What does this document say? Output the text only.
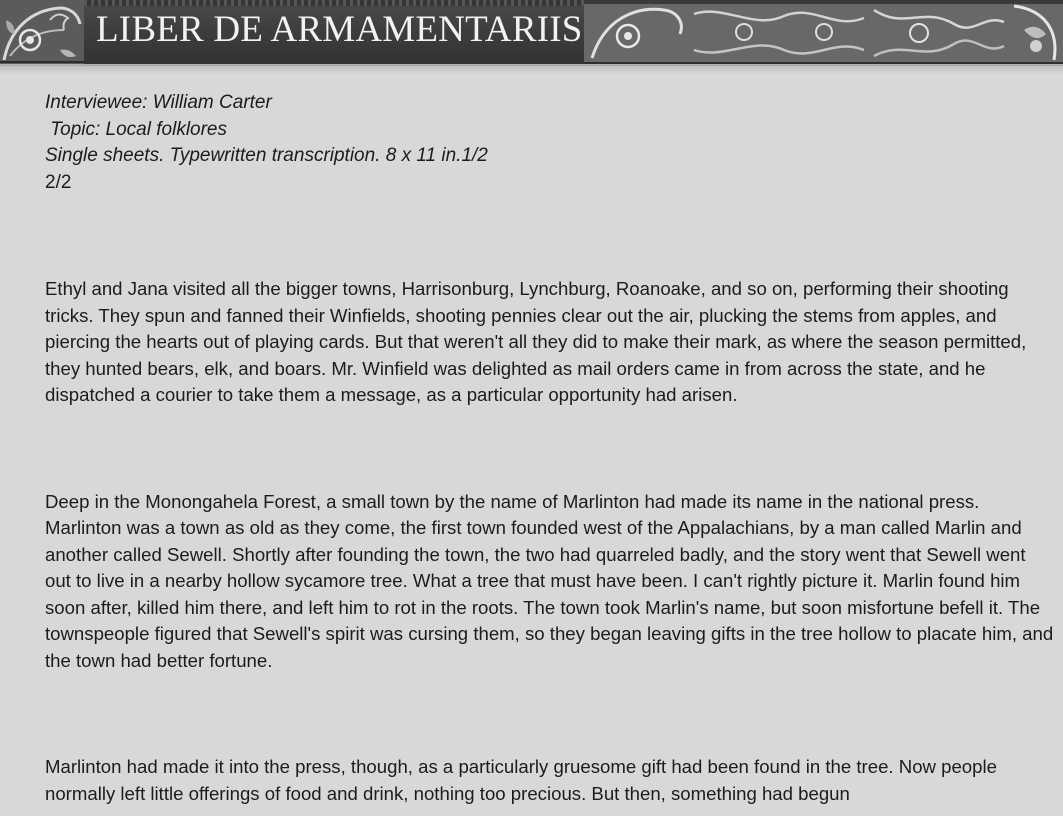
LIBER DE ARMAMENTARIIS

Interviewee: William Carter

Topic: Local folklores

Single sheets. Typewritten transcription. 8 x 11 in.1/2

2/2

Ethyl and Jana visited all the bigger towns, Harrisonburg, Lynchburg, Roanoake, and so on, performing their shooting tricks. They spun and fanned their Winfields, shooting pennies clear out the air, plucking the stems from apples, and piercing the hearts out of playing cards. But that weren't all they did to make their mark, as where the season permitted, they hunted bears, elk, and boars. Mr. Winfield was delighted as mail orders came in from across the state, and he dispatched a courier to take them a message, as a particular opportunity had arisen.

Deep in the Monongahela Forest, a small town by the name of Marlinton had made its name in the national press. Marlinton was a town as old as they come, the first town founded west of the Appalachians, by a man called Marlin and another called Sewell. Shortly after founding the town, the two had quarreled badly, and the story went that Sewell went out to live in a nearby hollow sycamore tree. What a tree that must have been. I can't rightly picture it. Marlin found him soon after, killed him there, and left him to rot in the roots. The town took Marlin's name, but soon misfortune befell it. The townspeople figured that Sewell's spirit was cursing them, so they began leaving gifts in the tree hollow to placate him, and the town had better fortune.

Marlinton had made it into the press, though, as a particularly gruesome gift had been found in the tree. Now people normally left little offerings of food and drink, nothing too precious. But then, something had begun
